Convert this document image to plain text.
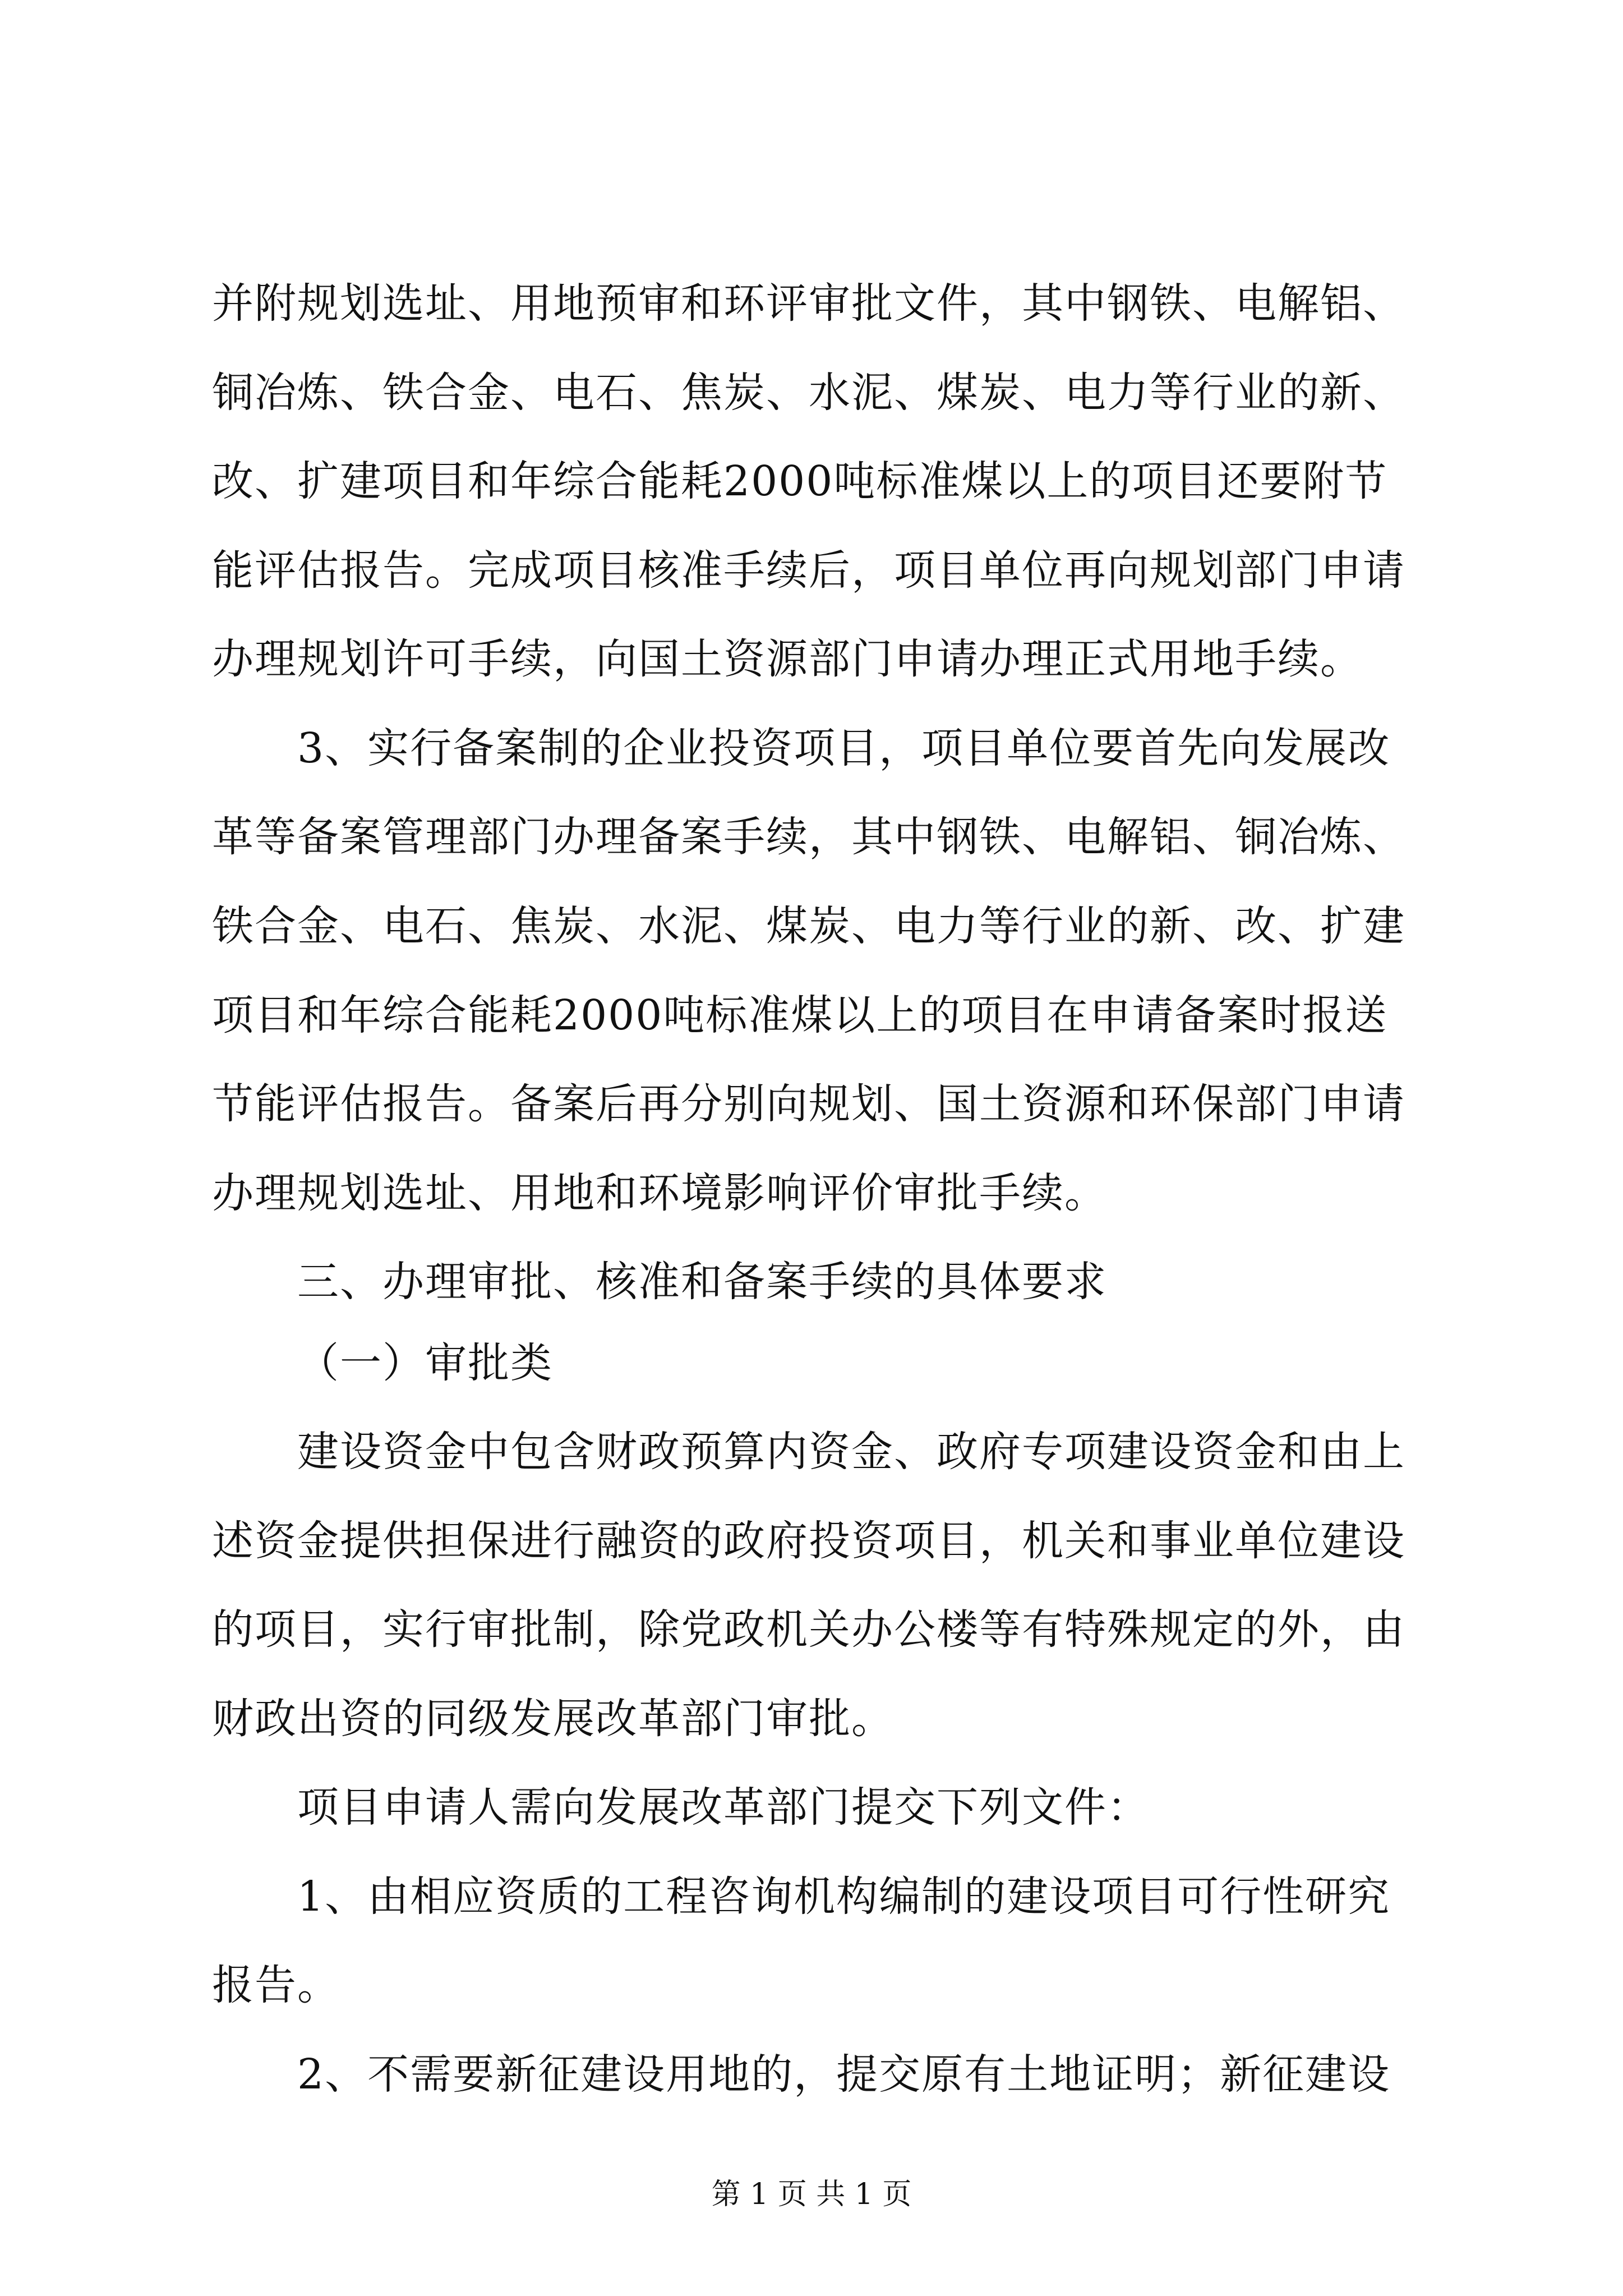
并附规划选址、用地预审和环评审批文件，其中钢铁、电解铝、
铜冶炼、铁合金、电石、焦炭、水泥、煤炭、电力等行业的新、
改、扩建项目和年综合能耗2000吨标准煤以上的项目还要附节
能评估报告。完成项目核准手续后，项目单位再向规划部门申请
办理规划许可手续，向国土资源部门申请办理正式用地手续。
3、实行备案制的企业投资项目，项目单位要首先向发展改
革等备案管理部门办理备案手续，其中钢铁、电解铝、铜冶炼、
铁合金、电石、焦炭、水泥、煤炭、电力等行业的新、改、扩建
项目和年综合能耗2000吨标准煤以上的项目在申请备案时报送
节能评估报告。备案后再分别向规划、国土资源和环保部门申请
办理规划选址、用地和环境影响评价审批手续。
三、办理审批、核准和备案手续的具体要求
（一）审批类
建设资金中包含财政预算内资金、政府专项建设资金和由上
述资金提供担保进行融资的政府投资项目，机关和事业单位建设
的项目，实行审批制，除党政机关办公楼等有特殊规定的外，由
财政出资的同级发展改革部门审批。
项目申请人需向发展改革部门提交下列文件：
1、由相应资质的工程咨询机构编制的建设项目可行性研究
报告。
2、不需要新征建设用地的，提交原有土地证明；新征建设
第 1 页 共 1 页
